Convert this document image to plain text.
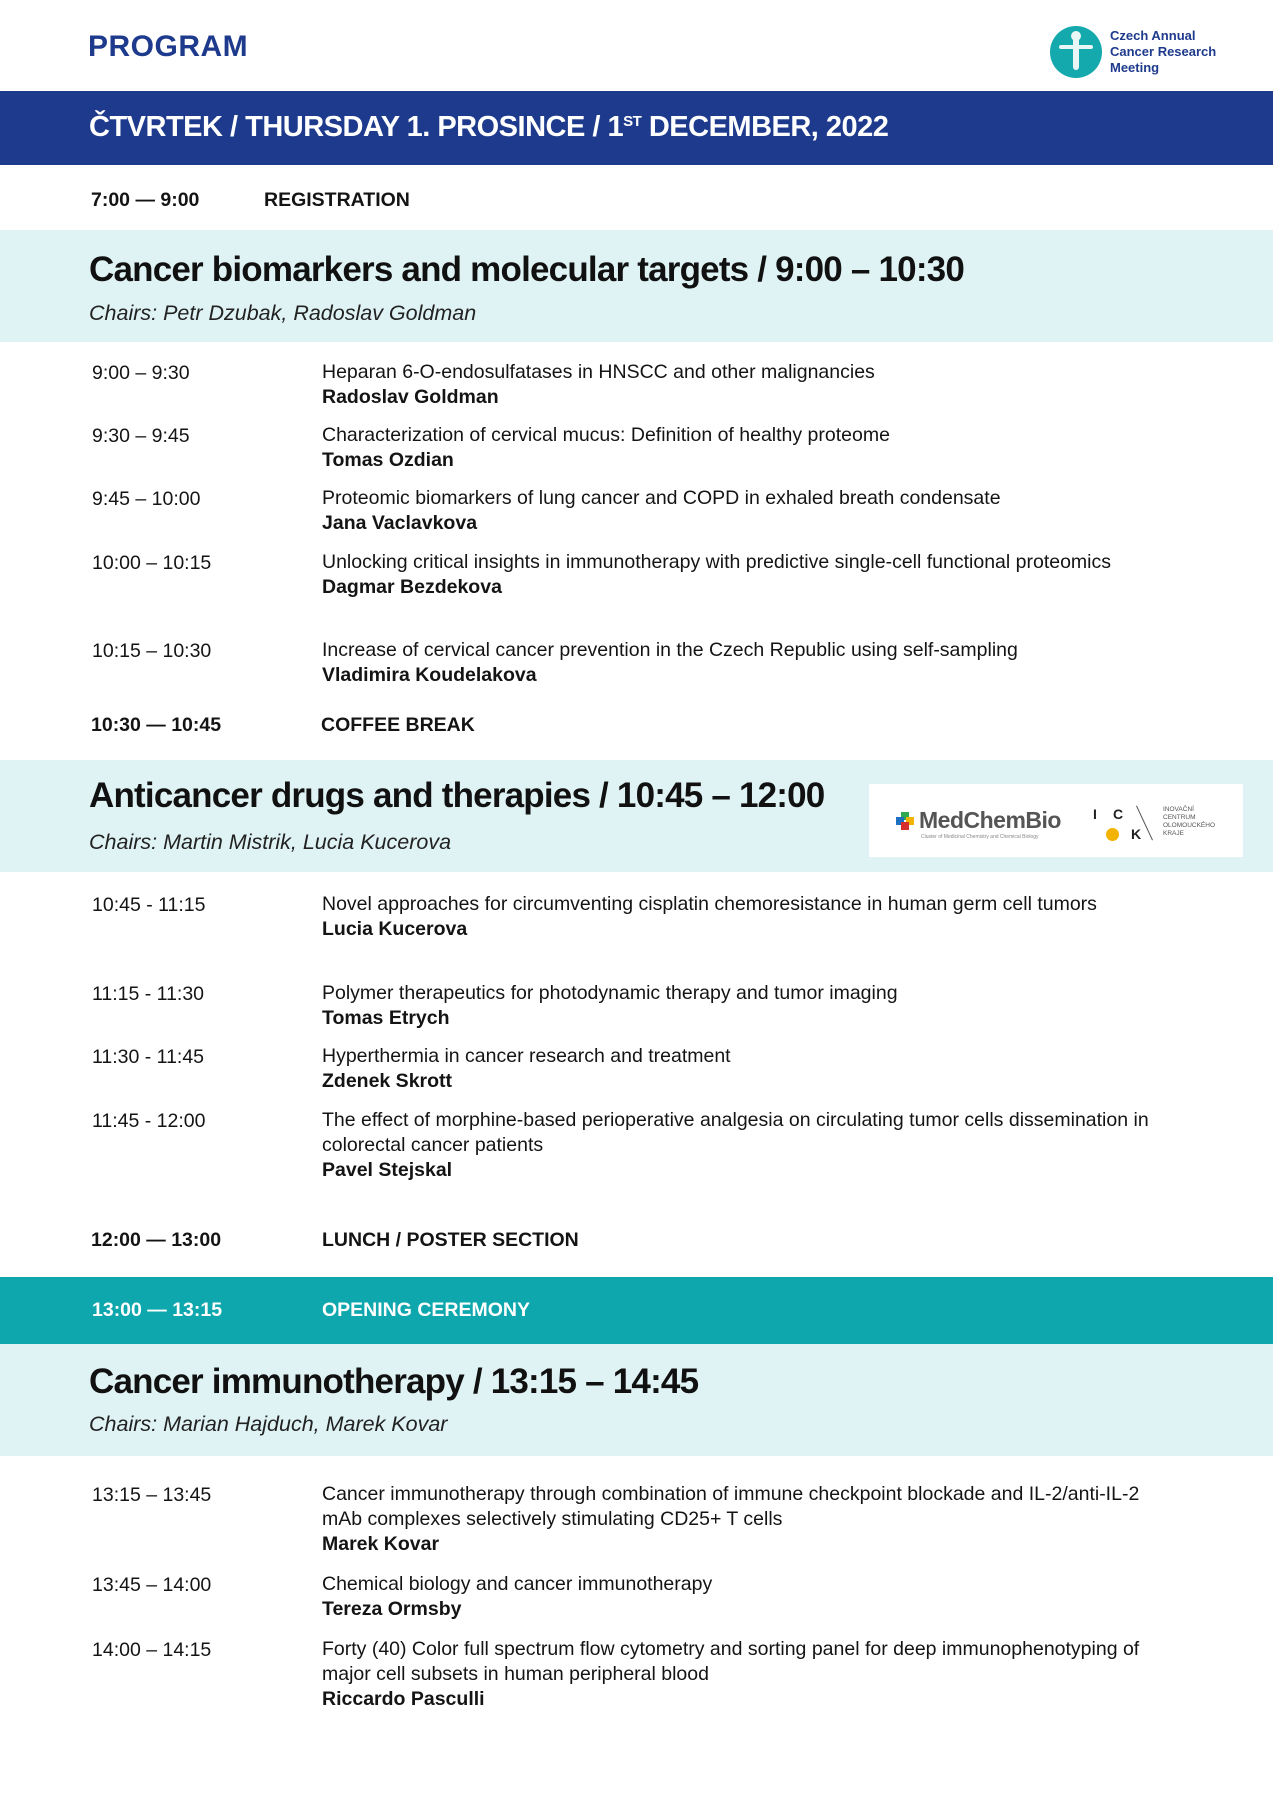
PROGRAM	Czech Annual
Cancer Research
Meeting
ČTVRTEK / THURSDAY 1. PROSINCE / 1ST DECEMBER, 2022
7:00 — 9:00	REGISTRATION
Cancer biomarkers and molecular targets / 9:00 – 10:30
Chairs: Petr Dzubak, Radoslav Goldman
9:00 – 9:30	Heparan 6-O-endosulfatases in HNSCC and other malignancies
Radoslav Goldman
9:30 – 9:45	Characterization of cervical mucus: Definition of healthy proteome
Tomas Ozdian
9:45 – 10:00	Proteomic biomarkers of lung cancer and COPD in exhaled breath condensate
Jana Vaclavkova
10:00 – 10:15	Unlocking critical insights in immunotherapy with predictive single-cell functional proteomics
Dagmar Bezdekova
10:15 – 10:30	Increase of cervical cancer prevention in the Czech Republic using self-sampling
Vladimira Koudelakova
10:30 — 10:45	COFFEE BREAK
Anticancer drugs and therapies / 10:45 – 12:00
Chairs: Martin Mistrik, Lucia Kucerova
MedChemBio
Cluster of Medicinal Chemistry and Chemical Biology
I C
K
INOVAČNÍ
CENTRUM
OLOMOUCKÉHO
KRAJE
10:45 - 11:15	Novel approaches for circumventing cisplatin chemoresistance in human germ cell tumors
Lucia Kucerova
11:15 - 11:30	Polymer therapeutics for photodynamic therapy and tumor imaging
Tomas Etrych
11:30 - 11:45	Hyperthermia in cancer research and treatment
Zdenek Skrott
11:45 - 12:00	The effect of morphine-based perioperative analgesia on circulating tumor cells dissemination in colorectal cancer patients
Pavel Stejskal
12:00 — 13:00	LUNCH / POSTER SECTION
13:00 — 13:15	OPENING CEREMONY
Cancer immunotherapy / 13:15 – 14:45
Chairs: Marian Hajduch, Marek Kovar
13:15 – 13:45	Cancer immunotherapy through combination of immune checkpoint blockade and IL-2/anti-IL-2 mAb complexes selectively stimulating CD25+ T cells
Marek Kovar
13:45 – 14:00	Chemical biology and cancer immunotherapy
Tereza Ormsby
14:00 – 14:15	Forty (40) Color full spectrum flow cytometry and sorting panel for deep immunophenotyping of major cell subsets in human peripheral blood
Riccardo Pasculli
